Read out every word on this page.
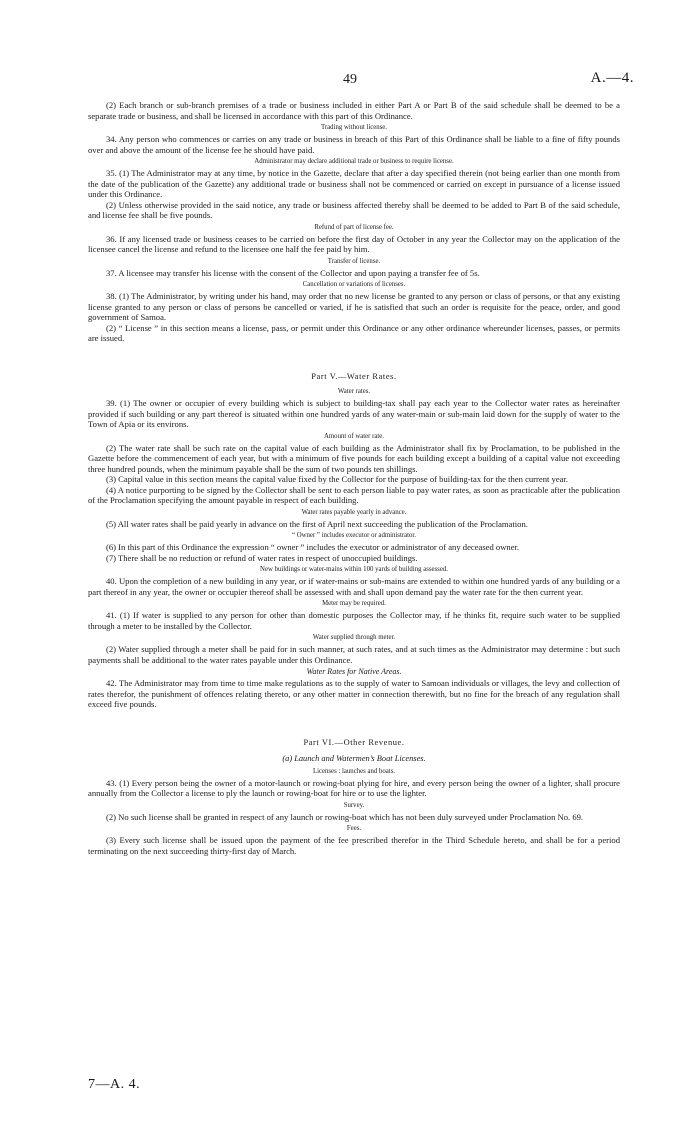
49	A.—4.

(2) Each branch or sub-branch premises of a trade or business included in either Part A or Part B of the said schedule shall be deemed to be a separate trade or business, and shall be licensed in accordance with this part of this Ordinance.

Trading without license.

34. Any person who commences or carries on any trade or business in breach of this Part of this Ordinance shall be liable to a fine of fifty pounds over and above the amount of the license fee he should have paid.

Administrator may declare additional trade or business to require license.

35. (1) The Administrator may at any time, by notice in the Gazette, declare that after a day specified therein (not being earlier than one month from the date of the publication of the Gazette) any additional trade or business shall not be commenced or carried on except in pursuance of a license issued under this Ordinance.

(2) Unless otherwise provided in the said notice, any trade or business affected thereby shall be deemed to be added to Part B of the said schedule, and license fee shall be five pounds.

Refund of part of license fee.

36. If any licensed trade or business ceases to be carried on before the first day of October in any year the Collector may on the application of the licensee cancel the license and refund to the licensee one half the fee paid by him.

Transfer of license.

37. A licensee may transfer his license with the consent of the Collector and upon paying a transfer fee of 5s.

Cancellation or variations of licenses.

38. (1) The Administrator, by writing under his hand, may order that no new license be granted to any person or class of persons, or that any existing license granted to any person or class of persons be cancelled or varied, if he is satisfied that such an order is requisite for the peace, order, and good government of Samoa.

(2) “ License ” in this section means a license, pass, or permit under this Ordinance or any other ordinance whereunder licenses, passes, or permits are issued.

Part V.—Water Rates.

Water rates.

39. (1) The owner or occupier of every building which is subject to building-tax shall pay each year to the Collector water rates as hereinafter provided if such building or any part thereof is situated within one hundred yards of any water-main or sub-main laid down for the supply of water to the Town of Apia or its environs.

Amount of water rate.

(2) The water rate shall be such rate on the capital value of each building as the Administrator shall fix by Proclamation, to be published in the Gazette before the commencement of each year, but with a minimum of five pounds for each building except a building of a capital value not exceeding three hundred pounds, when the minimum payable shall be the sum of two pounds ten shillings.

(3) Capital value in this section means the capital value fixed by the Collector for the purpose of building-tax for the then current year.

(4) A notice purporting to be signed by the Collector shall be sent to each person liable to pay water rates, as soon as practicable after the publication of the Proclamation specifying the amount payable in respect of each building.

Water rates payable yearly in advance.

(5) All water rates shall be paid yearly in advance on the first of April next succeeding the publication of the Proclamation.

“ Owner ” includes executor or administrator.

(6) In this part of this Ordinance the expression “ owner ” includes the executor or administrator of any deceased owner.

(7) There shall be no reduction or refund of water rates in respect of unoccupied buildings.

New buildings or water-mains within 100 yards of building assessed.

40. Upon the completion of a new building in any year, or if water-mains or sub-mains are extended to within one hundred yards of any building or a part thereof in any year, the owner or occupier thereof shall be assessed with and shall upon demand pay the water rate for the then current year.

Meter may be required.

41. (1) If water is supplied to any person for other than domestic purposes the Collector may, if he thinks fit, require such water to be supplied through a meter to be installed by the Collector.

Water supplied through meter.

(2) Water supplied through a meter shall be paid for in such manner, at such rates, and at such times as the Administrator may determine : but such payments shall be additional to the water rates payable under this Ordinance.

Water Rates for Native Areas.

42. The Administrator may from time to time make regulations as to the supply of water to Samoan individuals or villages, the levy and collection of rates therefor, the punishment of offences relating thereto, or any other matter in connection therewith, but no fine for the breach of any regulation shall exceed five pounds.

Part VI.—Other Revenue.

(a) Launch and Watermen’s Boat Licenses.

Licenses : launches and boats.

43. (1) Every person being the owner of a motor-launch or rowing-boat plying for hire, and every person being the owner of a lighter, shall procure annually from the Collector a license to ply the launch or rowing-boat for hire or to use the lighter.

Survey.

(2) No such license shall be granted in respect of any launch or rowing-boat which has not been duly surveyed under Proclamation No. 69.

Fees.

(3) Every such license shall be issued upon the payment of the fee prescribed therefor in the Third Schedule hereto, and shall be for a period terminating on the next succeeding thirty-first day of March.

7—A. 4.
